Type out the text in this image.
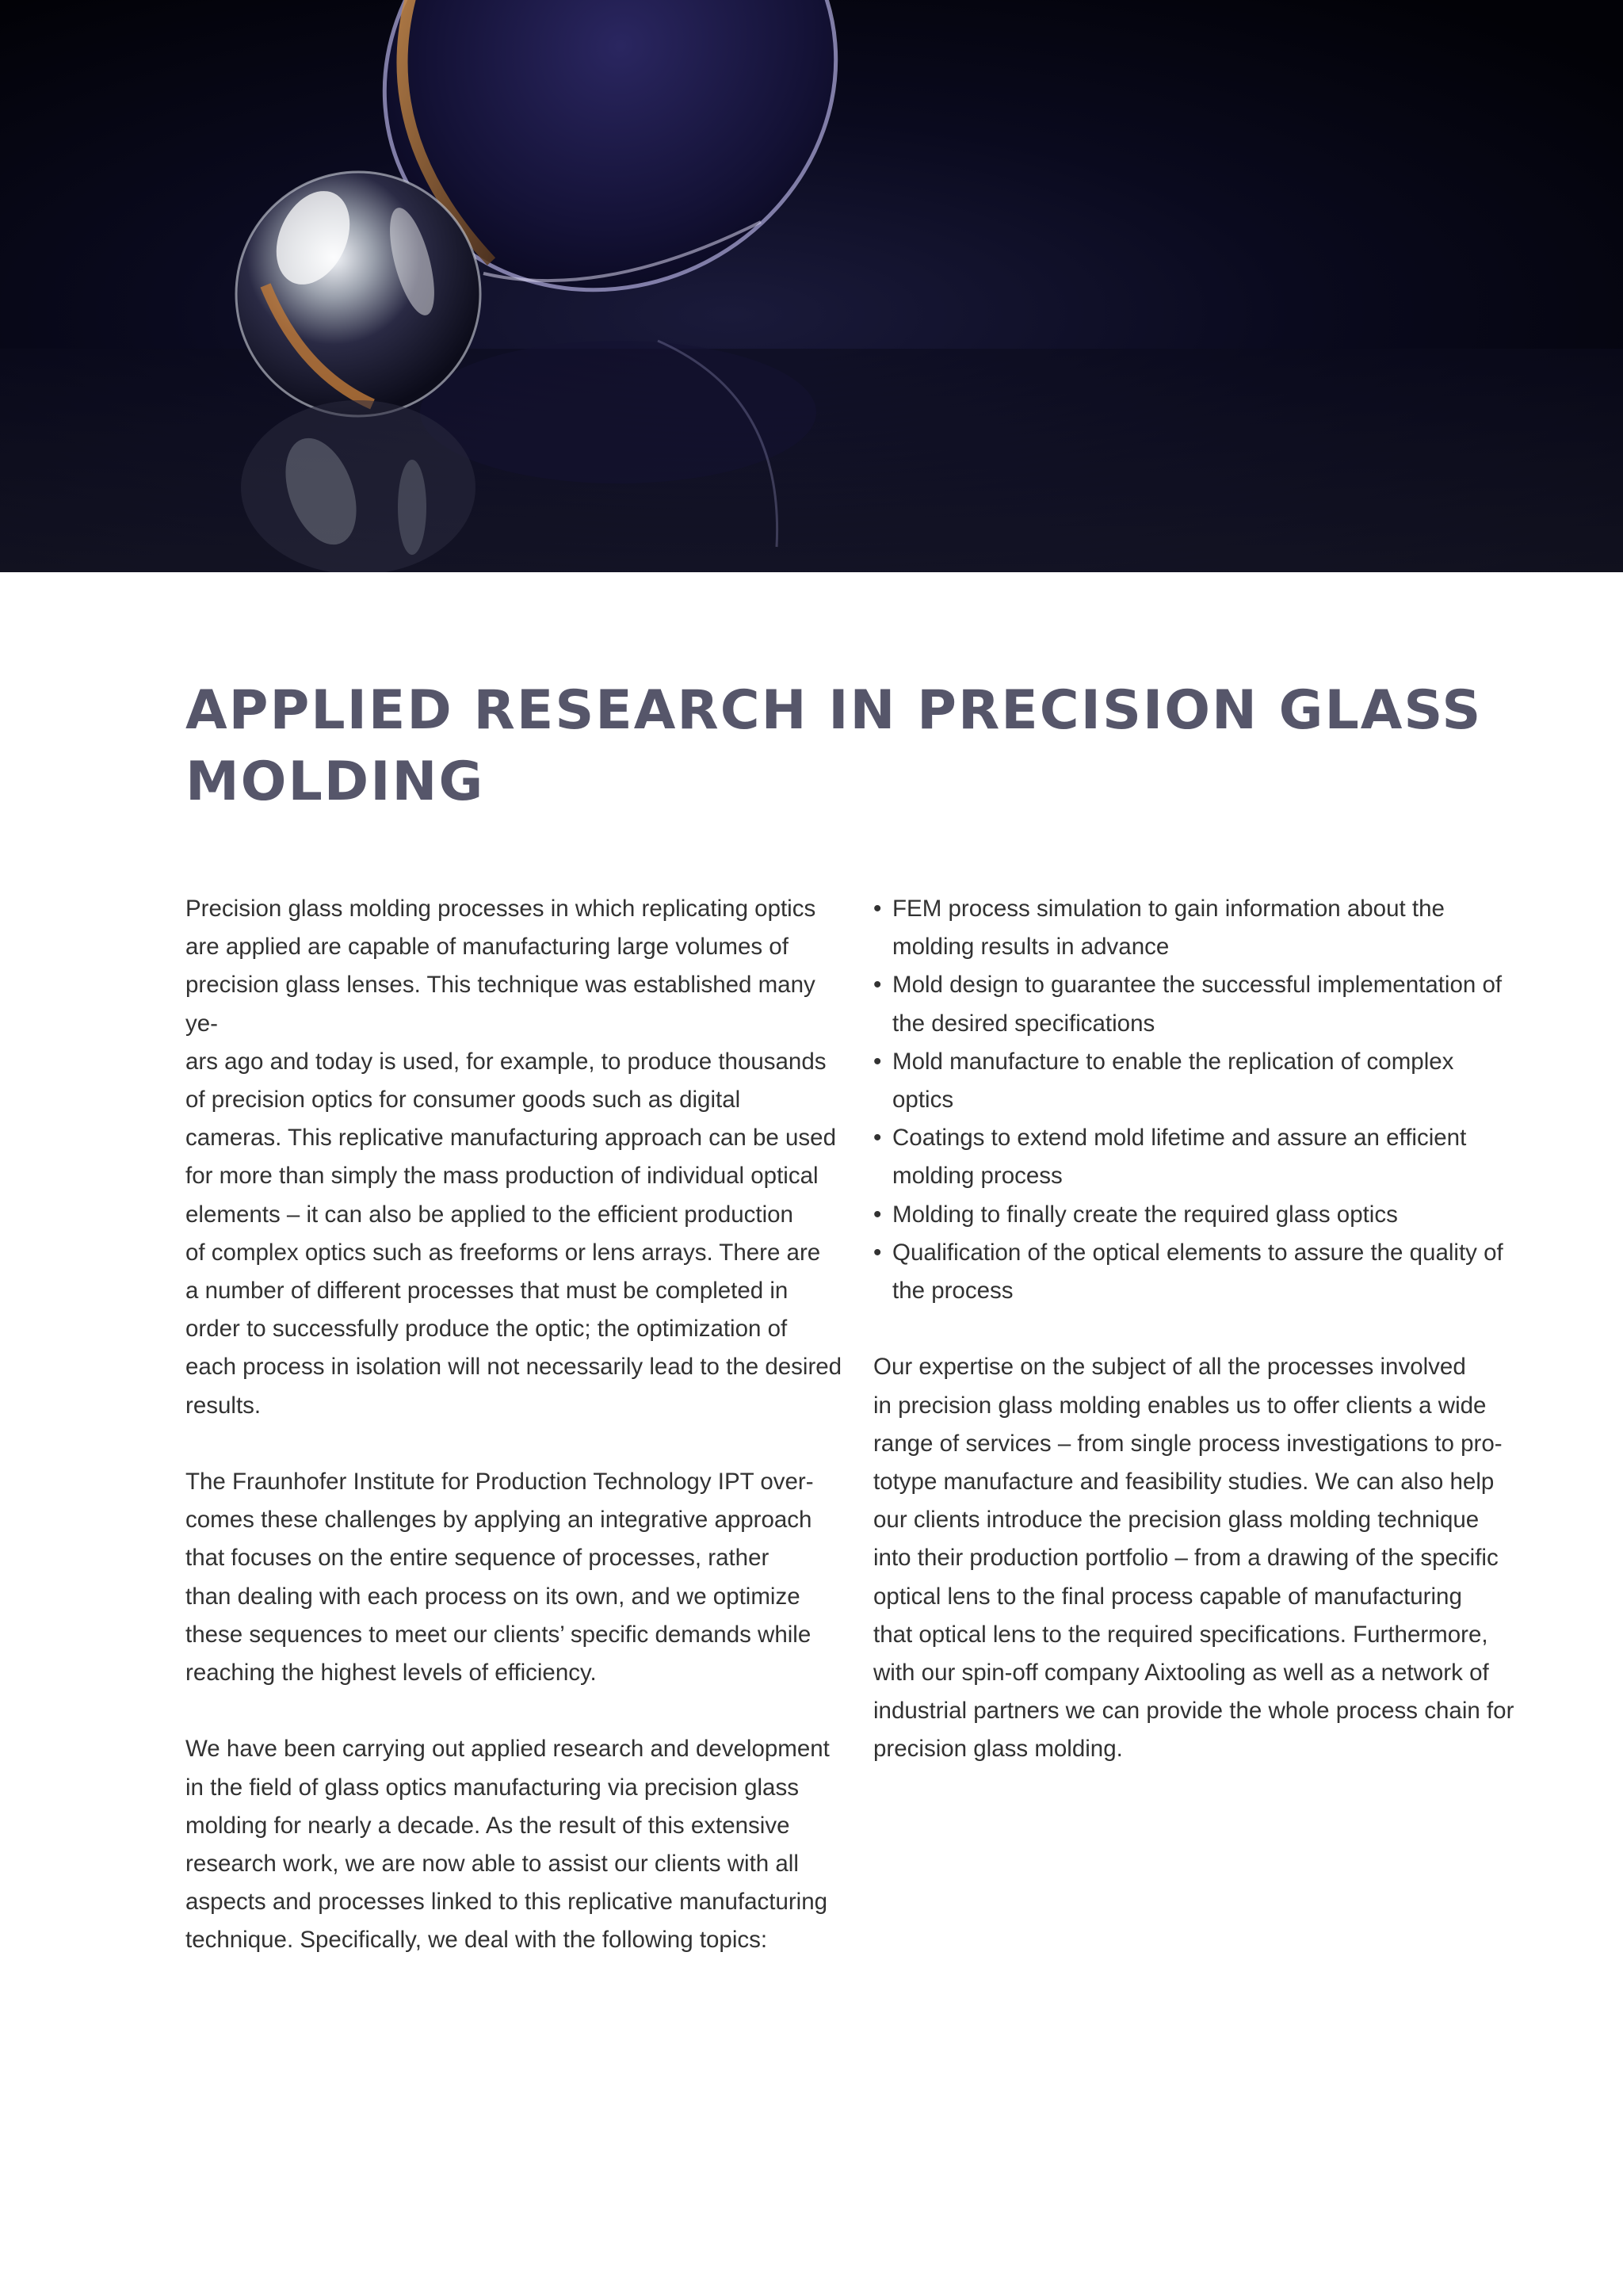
APPLIED RESEARCH IN PRECISION GLASS
MOLDING

Precision glass molding processes in which replicating optics
are applied are capable of manufacturing large volumes of
precision glass lenses. This technique was established many ye-
ars ago and today is used, for example, to produce thousands
of precision optics for consumer goods such as digital
cameras. This replicative manufacturing approach can be used
for more than simply the mass production of individual optical
elements – it can also be applied to the efficient production
of complex optics such as freeforms or lens arrays. There are
a number of different processes that must be completed in
order to successfully produce the optic; the optimization of
each process in isolation will not necessarily lead to the desired
results.

The Fraunhofer Institute for Production Technology IPT over-
comes these challenges by applying an integrative approach
that focuses on the entire sequence of processes, rather
than dealing with each process on its own, and we optimize
these sequences to meet our clients’ specific demands while
reaching the highest levels of efficiency.

We have been carrying out applied research and development
in the field of glass optics manufacturing via precision glass
molding for nearly a decade. As the result of this extensive
research work, we are now able to assist our clients with all
aspects and processes linked to this replicative manufacturing
technique. Specifically, we deal with the following topics:

• FEM process simulation to gain information about the
molding results in advance
• Mold design to guarantee the successful implementation of
the desired specifications
• Mold manufacture to enable the replication of complex
optics
• Coatings to extend mold lifetime and assure an efficient
molding process
• Molding to finally create the required glass optics
• Qualification of the optical elements to assure the quality of
the process

Our expertise on the subject of all the processes involved
in precision glass molding enables us to offer clients a wide
range of services – from single process investigations to pro-
totype manufacture and feasibility studies. We can also help
our clients introduce the precision glass molding technique
into their production portfolio – from a drawing of the specific
optical lens to the final process capable of manufacturing
that optical lens to the required specifications. Furthermore,
with our spin-off company Aixtooling as well as a network of
industrial partners we can provide the whole process chain for
precision glass molding.
